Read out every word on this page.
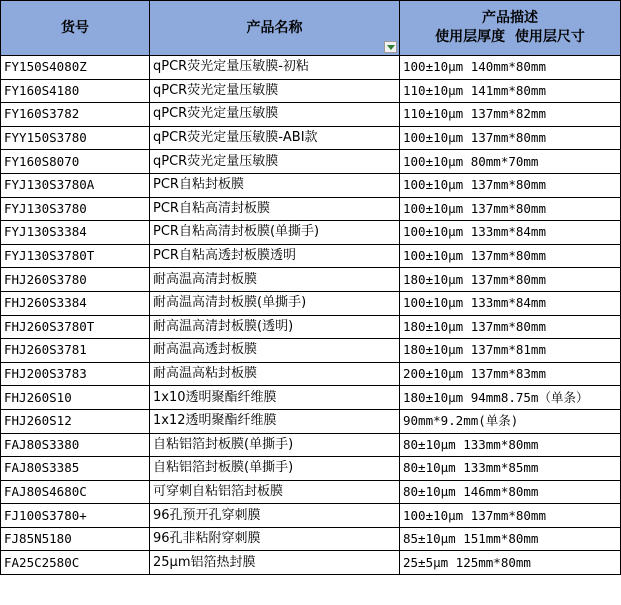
货号	产品名称	产品描述
使用层厚度  使用层尺寸

FY150S4080Z	qPCR荧光定量压敏膜-初粘	100±10μm 140mm*80mm
FY160S4180	qPCR荧光定量压敏膜	110±10μm 141mm*80mm
FY160S3782	qPCR荧光定量压敏膜	110±10μm 137mm*82mm
FYY150S3780	qPCR荧光定量压敏膜-ABI款	100±10μm 137mm*80mm
FY160S8070	qPCR荧光定量压敏膜	100±10μm 80mm*70mm
FYJ130S3780A	PCR自粘封板膜	100±10μm 137mm*80mm
FYJ130S3780	PCR自粘高清封板膜	100±10μm 137mm*80mm
FYJ130S3384	PCR自粘高清封板膜(单撕手)	100±10μm 133mm*84mm
FYJ130S3780T	PCR自粘高透封板膜透明	100±10μm 137mm*80mm
FHJ260S3780	耐高温高清封板膜	180±10μm 137mm*80mm
FHJ260S3384	耐高温高清封板膜(单撕手)	100±10μm 133mm*84mm
FHJ260S3780T	耐高温高清封板膜(透明)	180±10μm 137mm*80mm
FHJ260S3781	耐高温高透封板膜	180±10μm 137mm*81mm
FHJ200S3783	耐高温高粘封板膜	200±10μm 137mm*83mm
FHJ260S10	1x10透明聚酯纤维膜	180±10μm 94mm8.75m（单条）
FHJ260S12	1x12透明聚酯纤维膜	90mm*9.2mm(单条)
FAJ80S3380	自粘铝箔封板膜(单撕手)	80±10μm 133mm*80mm
FAJ80S3385	自粘铝箔封板膜(单撕手)	80±10μm 133mm*85mm
FAJ80S4680C	可穿刺自粘铝箔封板膜	80±10μm 146mm*80mm
FJ100S3780+	96孔预开孔穿刺膜	100±10μm 137mm*80mm
FJ85N5180	96孔非粘附穿刺膜	85±10μm 151mm*80mm
FA25C2580C	25μm铝箔热封膜	25±5μm 125mm*80mm
